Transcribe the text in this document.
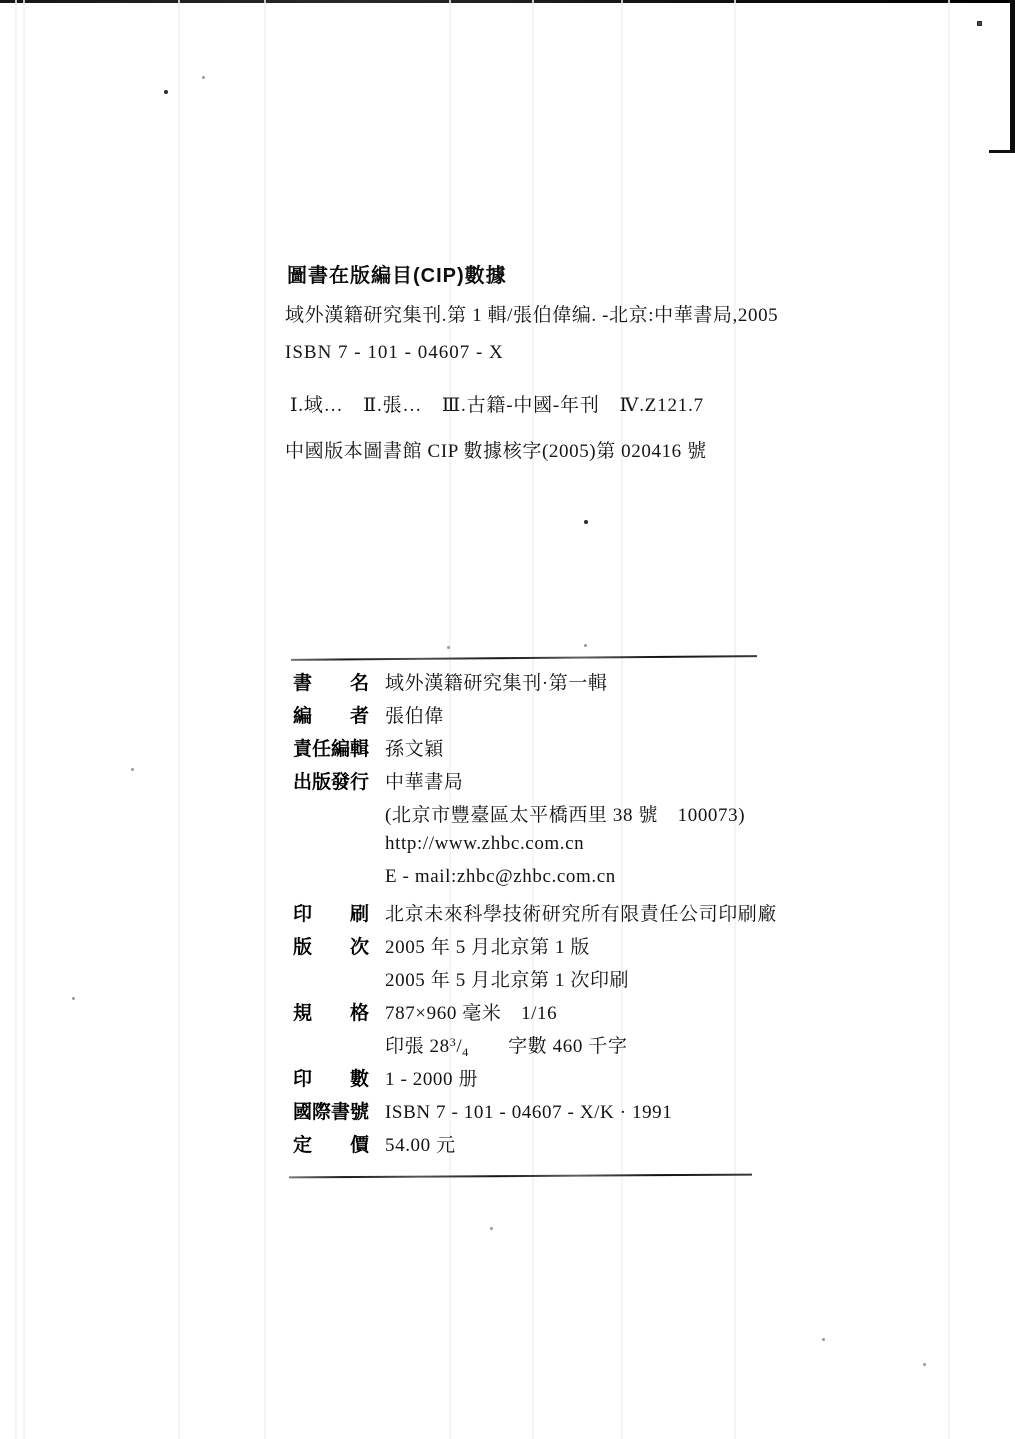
圖書在版編目(CIP)數據

域外漢籍研究集刊.第 1 輯/張伯偉编. -北京:中華書局,2005

ISBN 7 - 101 - 04607 - X

Ⅰ.域…　Ⅱ.張…　Ⅲ.古籍-中國-年刊　Ⅳ.Z121.7

中國版本圖書館 CIP 數據核字(2005)第 020416 號

書　　名 域外漢籍研究集刊·第一輯
編　　者 張伯偉
責任編輯 孫文穎
出版發行 中華書局
(北京市豐臺區太平橋西里 38 號　100073)
http://www.zhbc.com.cn
E - mail:zhbc@zhbc.com.cn
印　　刷 北京未來科學技術研究所有限責任公司印刷廠
版　　次 2005 年 5 月北京第 1 版
2005 年 5 月北京第 1 次印刷
規　　格 787×960 毫米　1/16
印張 $28^3/_4$　　字數 460 千字
印　　數 1 - 2000 册
國際書號 ISBN 7 - 101 - 04607 - X/K · 1991
定　　價 54.00 元
